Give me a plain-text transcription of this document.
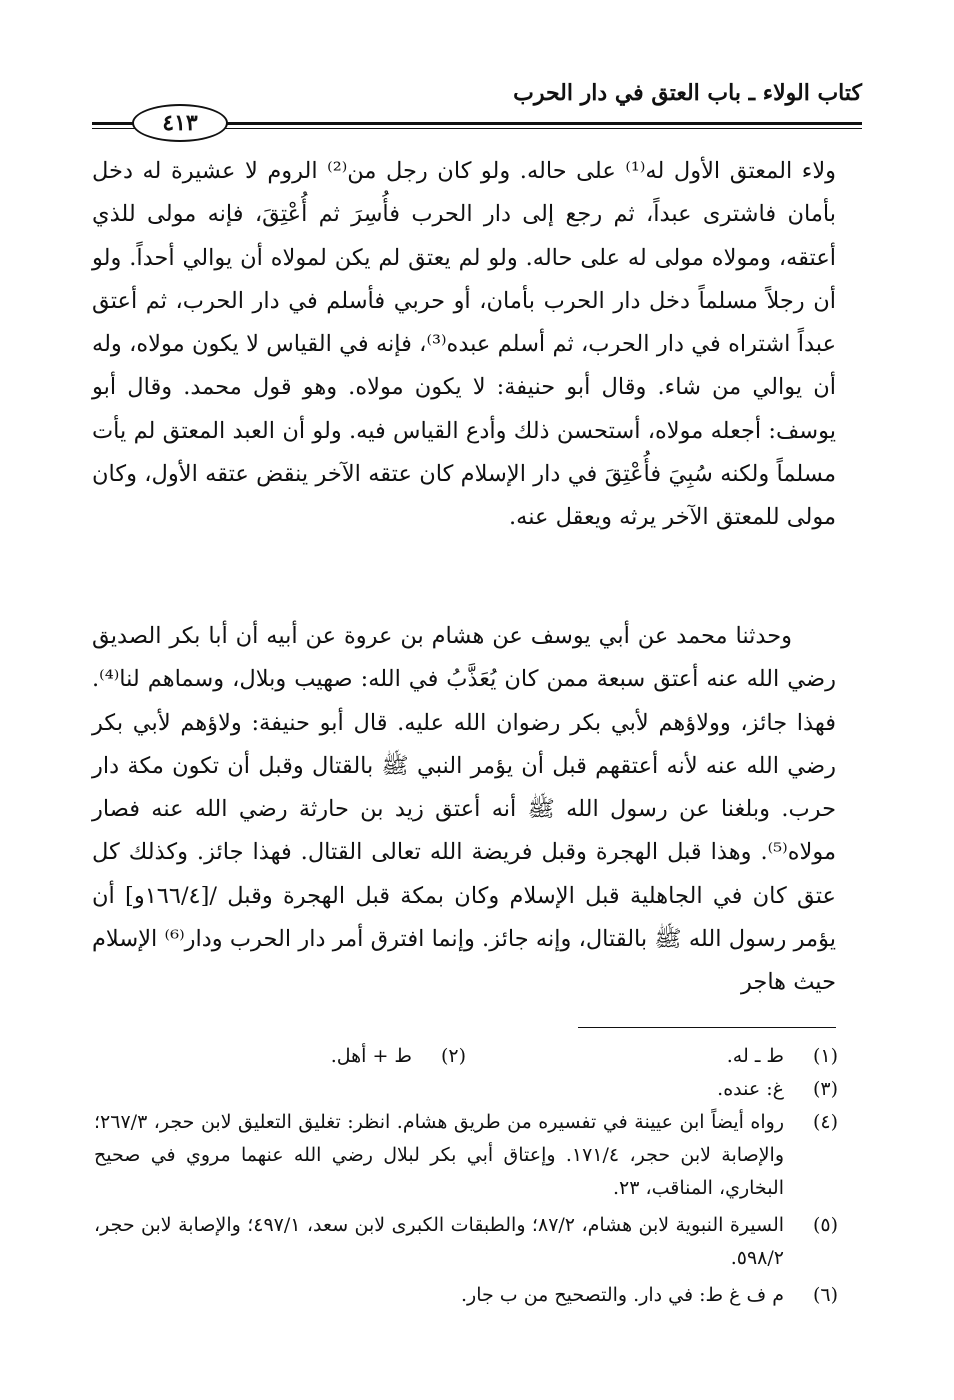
كتاب الولاء ـ باب العتق في دار الحرب
٤١٣

ولاء المعتق الأول له⁽¹⁾ على حاله. ولو كان رجل من⁽²⁾ الروم لا عشيرة له دخل بأمان فاشترى عبداً، ثم رجع إلى دار الحرب فأُسِرَ ثم أُعْتِقَ، فإنه مولى للذي أعتقه، ومولاه مولى له على حاله. ولو لم يعتق لم يكن لمولاه أن يوالي أحداً. ولو أن رجلاً مسلماً دخل دار الحرب بأمان، أو حربي فأسلم في دار الحرب، ثم أعتق عبداً اشتراه في دار الحرب، ثم أسلم عبده⁽³⁾، فإنه في القياس لا يكون مولاه، وله أن يوالي من شاء. وقال أبو حنيفة: لا يكون مولاه. وهو قول محمد. وقال أبو يوسف: أجعله مولاه، أستحسن ذلك وأدع القياس فيه. ولو أن العبد المعتق لم يأت مسلماً ولكنه سُبِيَ فأُعْتِقَ في دار الإسلام كان عتقه الآخر ينقض عتقه الأول، وكان مولى للمعتق الآخر يرثه ويعقل عنه.

وحدثنا محمد عن أبي يوسف عن هشام بن عروة عن أبيه أن أبا بكر الصديق رضي الله عنه أعتق سبعة ممن كان يُعَذَّبُ في الله: صهيب وبلال، وسماهم لنا⁽⁴⁾. فهذا جائز، وولاؤهم لأبي بكر رضوان الله عليه. قال أبو حنيفة: ولاؤهم لأبي بكر رضي الله عنه لأنه أعتقهم قبل أن يؤمر النبي ﷺ بالقتال وقبل أن تكون مكة دار حرب. وبلغنا عن رسول الله ﷺ أنه أعتق زيد بن حارثة رضي الله عنه فصار مولاه⁽⁵⁾. وهذا قبل الهجرة وقبل فريضة الله تعالى القتال. فهذا جائز. وكذلك كل عتق كان في الجاهلية قبل الإسلام وكان بمكة قبل الهجرة وقبل /[١٦٦/٤و] أن يؤمر رسول الله ﷺ بالقتال، وإنه جائز. وإنما افترق أمر دار الحرب ودار⁽⁶⁾ الإسلام حيث هاجر

(١)
ط ـ له.
(٢)
ط + أهل.
(٣)
غ: عنده.
(٤)
رواه أيضاً ابن عيينة في تفسيره من طريق هشام. انظر: تغليق التعليق لابن حجر، ٢٦٧/٣؛ والإصابة لابن حجر، ١٧١/٤. وإعتاق أبي بكر لبلال رضي الله عنهما مروي في صحيح البخاري، المناقب، ٢٣.
(٥)
السيرة النبوية لابن هشام، ٨٧/٢؛ والطبقات الكبرى لابن سعد، ٤٩٧/١؛ والإصابة لابن حجر، ٥٩٨/٢.
(٦)
م ف غ ط: في دار. والتصحيح من ب جار.
